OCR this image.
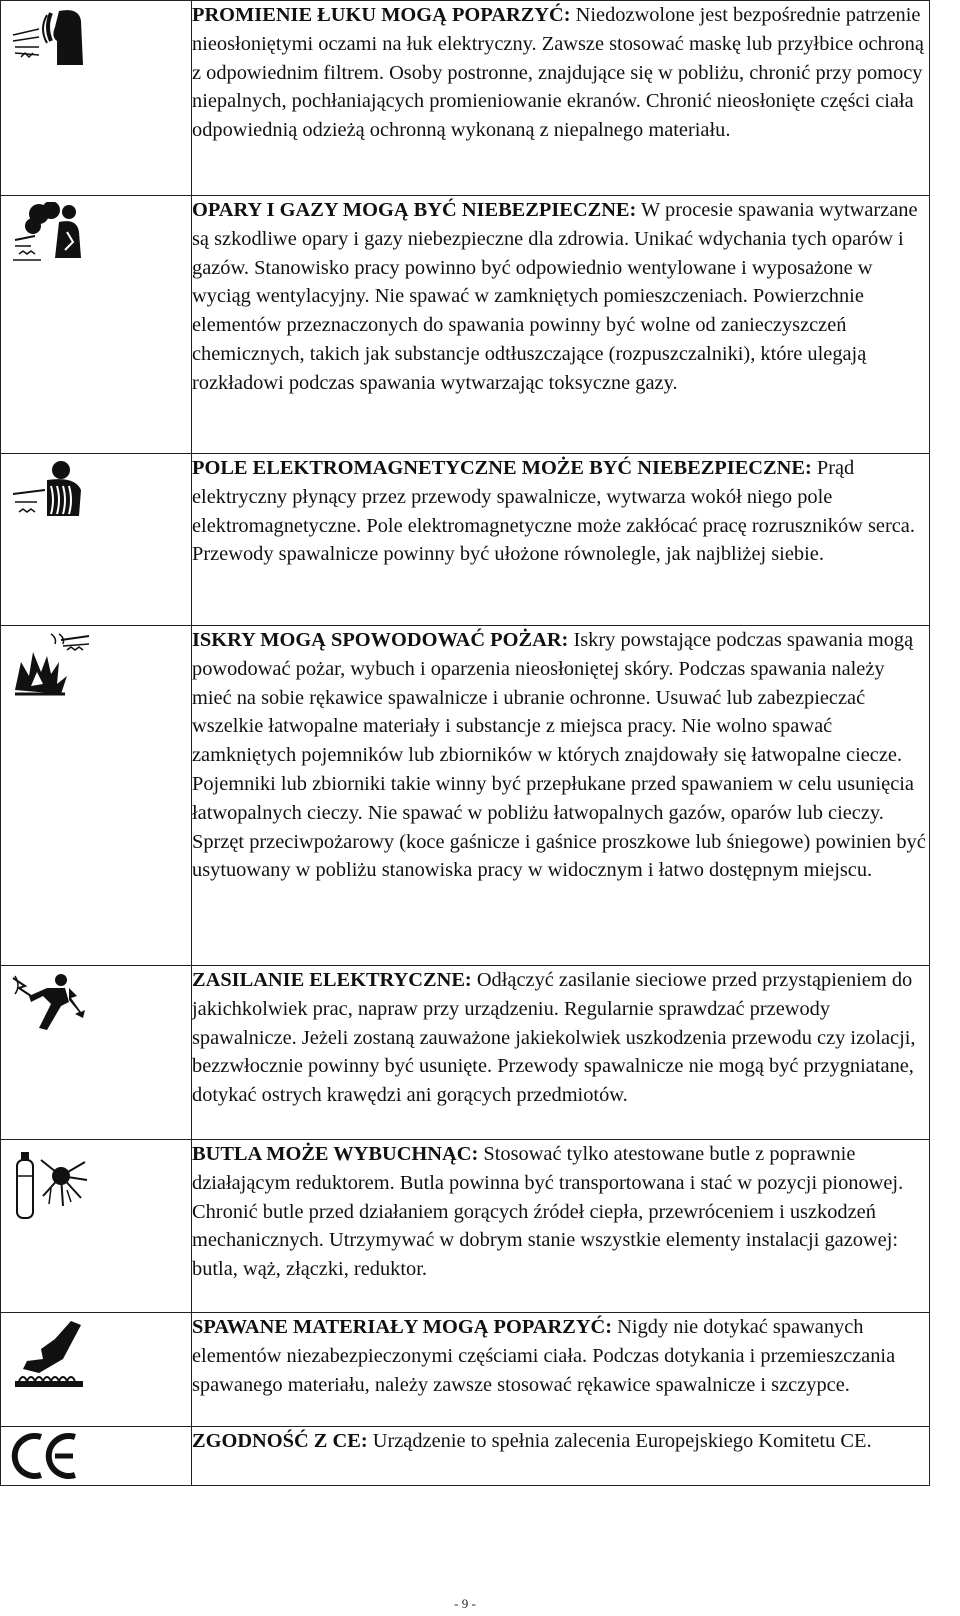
	PROMIENIE ŁUKU MOGĄ POPARZYĆ: Niedozwolone jest bezpośrednie patrzenie nieosłoniętymi oczami na łuk elektryczny. Zawsze stosować maskę lub przyłbice ochroną z odpowiednim filtrem. Osoby postronne, znajdujące się w pobliżu, chronić przy pomocy niepalnych, pochłaniających promieniowanie ekranów. Chronić nieosłonięte części ciała odpowiednią odzieżą ochronną wykonaną z niepalnego materiału.

	OPARY I GAZY MOGĄ BYĆ NIEBEZPIECZNE: W procesie spawania wytwarzane są szkodliwe opary i gazy niebezpieczne dla zdrowia. Unikać wdychania tych oparów i gazów. Stanowisko pracy powinno być odpowiednio wentylowane i wyposażone w wyciąg wentylacyjny. Nie spawać w zamkniętych pomieszczeniach. Powierzchnie elementów przeznaczonych do spawania powinny być wolne od zanieczyszczeń chemicznych, takich jak substancje odtłuszczające (rozpuszczalniki), które ulegają rozkładowi podczas spawania wytwarzając toksyczne gazy.

	POLE ELEKTROMAGNETYCZNE MOŻE BYĆ NIEBEZPIECZNE: Prąd elektryczny płynący przez przewody spawalnicze, wytwarza wokół niego pole elektromagnetyczne. Pole elektromagnetyczne może zakłócać pracę rozruszników serca. Przewody spawalnicze powinny być ułożone równolegle, jak najbliżej siebie.

	ISKRY MOGĄ SPOWODOWAĆ POŻAR: Iskry powstające podczas spawania mogą powodować pożar, wybuch i oparzenia nieosłoniętej skóry. Podczas spawania należy mieć na sobie rękawice spawalnicze i ubranie ochronne. Usuwać lub zabezpieczać wszelkie łatwopalne materiały i substancje z miejsca pracy. Nie wolno spawać zamkniętych pojemników lub zbiorników w których znajdowały się łatwopalne ciecze. Pojemniki lub zbiorniki takie winny być przepłukane przed spawaniem w celu usunięcia łatwopalnych cieczy. Nie spawać w pobliżu łatwopalnych gazów, oparów lub cieczy. Sprzęt przeciwpożarowy (koce gaśnicze i gaśnice proszkowe lub śniegowe) powinien być usytuowany w pobliżu stanowiska pracy w widocznym i łatwo dostępnym miejscu.

	ZASILANIE ELEKTRYCZNE: Odłączyć zasilanie sieciowe przed przystąpieniem do jakichkolwiek prac, napraw przy urządzeniu. Regularnie sprawdzać przewody spawalnicze. Jeżeli zostaną zauważone jakiekolwiek uszkodzenia przewodu czy izolacji, bezzwłocznie powinny być usunięte. Przewody spawalnicze nie mogą być przygniatane, dotykać ostrych krawędzi ani gorących przedmiotów.

	BUTLA MOŻE WYBUCHNĄC: Stosować tylko atestowane butle z poprawnie działającym reduktorem. Butla powinna być transportowana i stać w pozycji pionowej. Chronić butle przed działaniem gorących źródeł ciepła, przewróceniem i uszkodzeń mechanicznych. Utrzymywać w dobrym stanie wszystkie elementy instalacji gazowej: butla, wąż, złączki, reduktor.

	SPAWANE MATERIAŁY MOGĄ POPARZYĆ: Nigdy nie dotykać spawanych elementów niezabezpieczonymi częściami ciała. Podczas dotykania i przemieszczania spawanego materiału, należy zawsze stosować rękawice spawalnicze i szczypce.

	ZGODNOŚĆ Z CE: Urządzenie to spełnia zalecenia Europejskiego Komitetu CE.
- 9 -
